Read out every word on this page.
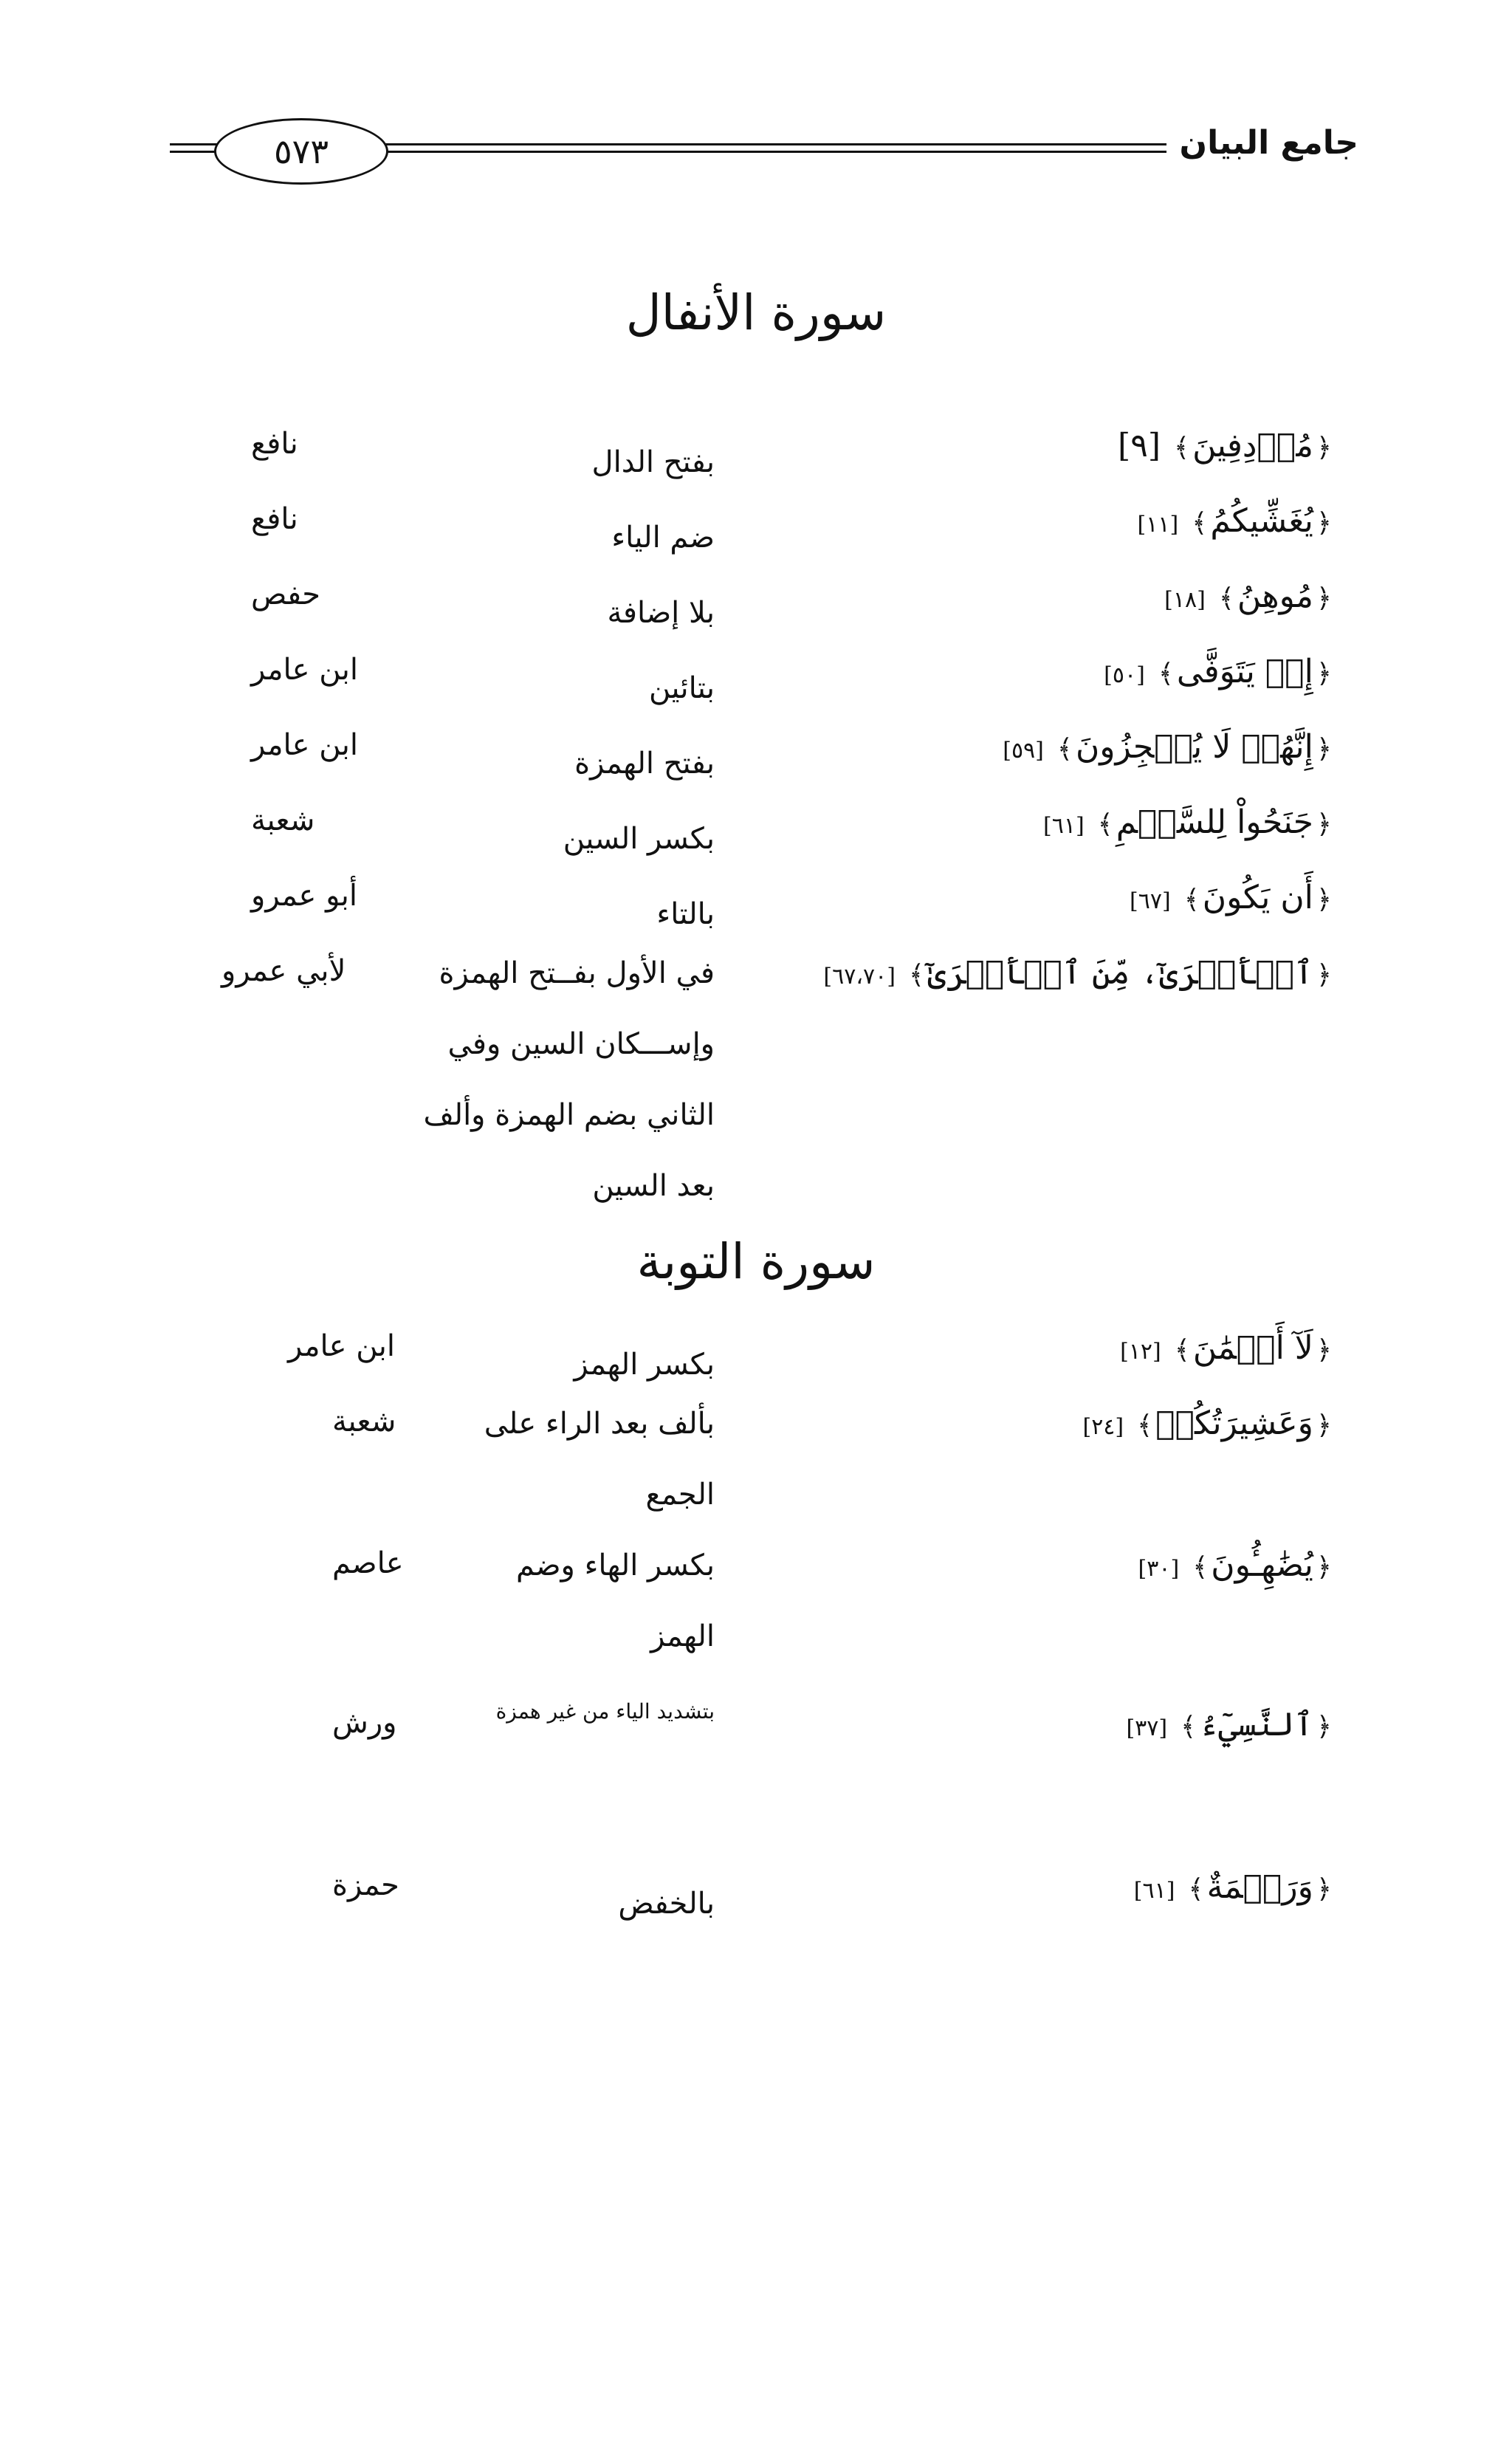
٥٧٣	جامع البيان
سورة الأنفال
﴿مُرۡدِفِينَ﴾[٩]
بفتح الدال
نافع
﴿يُغَشِّيكُمُ﴾[١١]
ضم الياء
نافع
﴿مُوهِنُ﴾[١٨]
بلا إضافة
حفص
﴿إِذۡ يَتَوَفَّى﴾[٥٠]
بتائين
ابن عامر
﴿إِنَّهُمۡ لَا يُعۡجِزُونَ﴾[٥٩]
بفتح الهمزة
ابن عامر
﴿جَنَحُواْ لِلسَّلۡمِ﴾[٦١]
بكسر السين
شعبة
﴿أَن يَكُونَ﴾[٦٧]
بالتاء
أبو عمرو
﴿ٱلۡأَسۡرَىٰٓ، مِّنَ ٱلۡأَسۡرَىٰٓ﴾[٦٧،٧٠]
في الأول بفــتح الهمزة وإســـكان السين وفي الثاني بضم الهمزة وألف بعد السين
لأبي عمرو
سورة التوبة
﴿لَآ أَيۡمَٰنَ﴾[١٢]
بكسر الهمز
ابن عامر
﴿وَعَشِيرَتُكُمۡ﴾[٢٤]
بألف بعد الراء على الجمع
شعبة
﴿يُضَٰهِـُٔونَ﴾[٣٠]
بكسر الهاء وضم الهمز
عاصم
﴿ٱلنَّسِيٓءُ﴾[٣٧]
بتشديد الياء من غير همزة
ورش
﴿وَرَحۡمَةٌ﴾[٦١]
بالخفض
حمزة
